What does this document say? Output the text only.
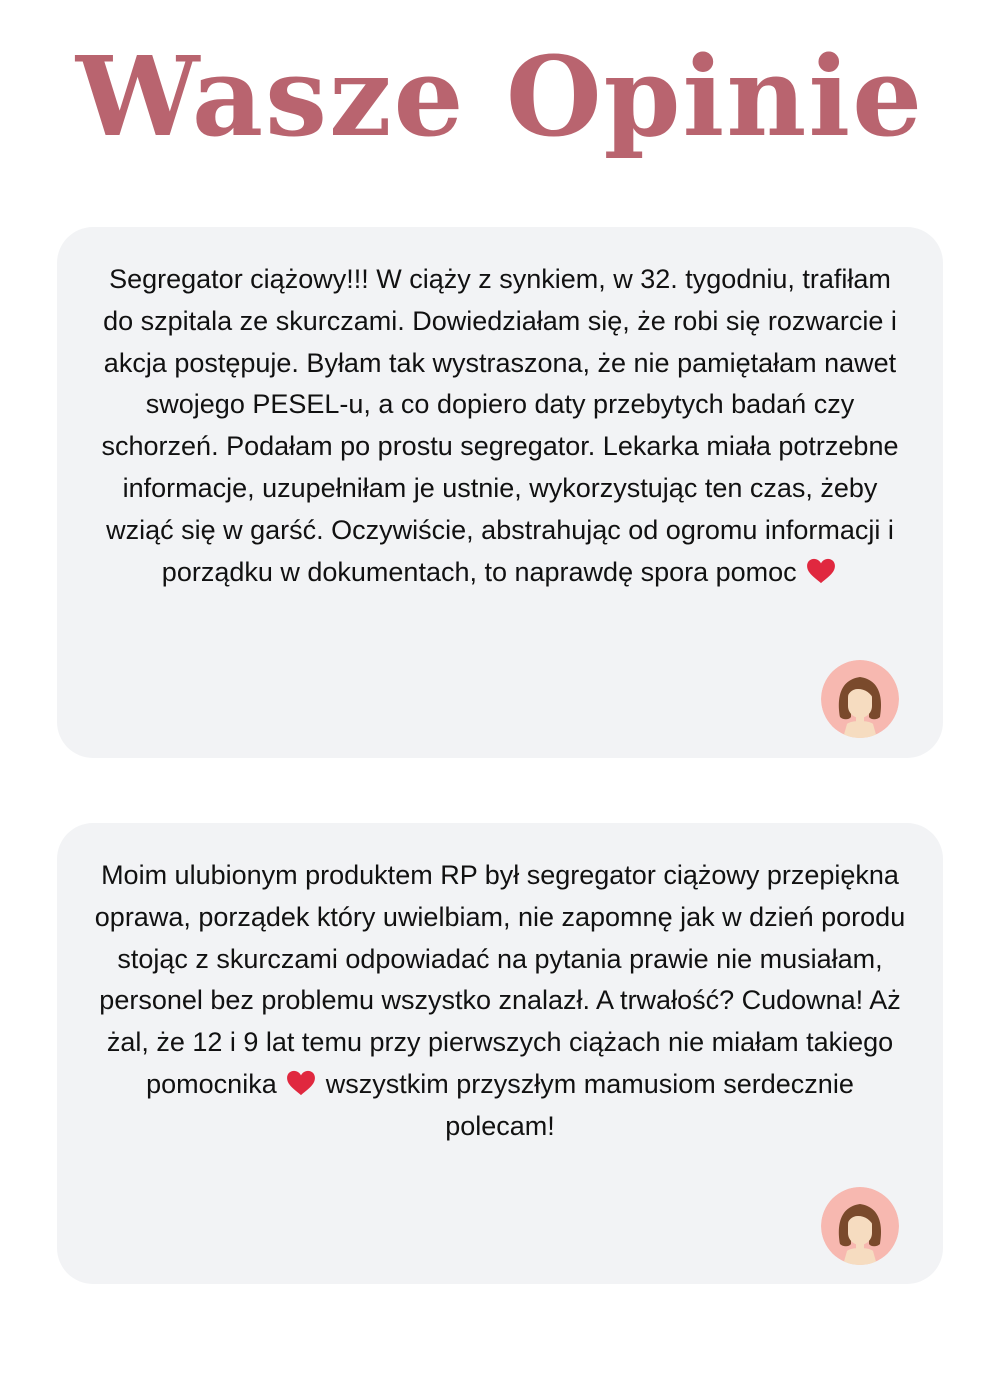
Wasze Opinie

Segregator ciążowy!!! W ciąży z synkiem, w 32. tygodniu, trafiłam do szpitala ze skurczami. Dowiedziałam się, że robi się rozwarcie i akcja postępuje. Byłam tak wystraszona, że nie pamiętałam nawet swojego PESEL-u, a co dopiero daty przebytych badań czy schorzeń. Podałam po prostu segregator. Lekarka miała potrzebne informacje, uzupełniłam je ustnie, wykorzystując ten czas, żeby wziąć się w garść. Oczywiście, abstrahując od ogromu informacji i porządku w dokumentach, to naprawdę spora pomoc

Moim ulubionym produktem RP był segregator ciążowy przepiękna oprawa, porządek który uwielbiam, nie zapomnę jak w dzień porodu stojąc z skurczami odpowiadać na pytania prawie nie musiałam, personel bez problemu wszystko znalazł. A trwałość? Cudowna! Aż żal, że 12 i 9 lat temu przy pierwszych ciążach nie miałam takiego pomocnika wszystkim przyszłym mamusiom serdecznie polecam!
